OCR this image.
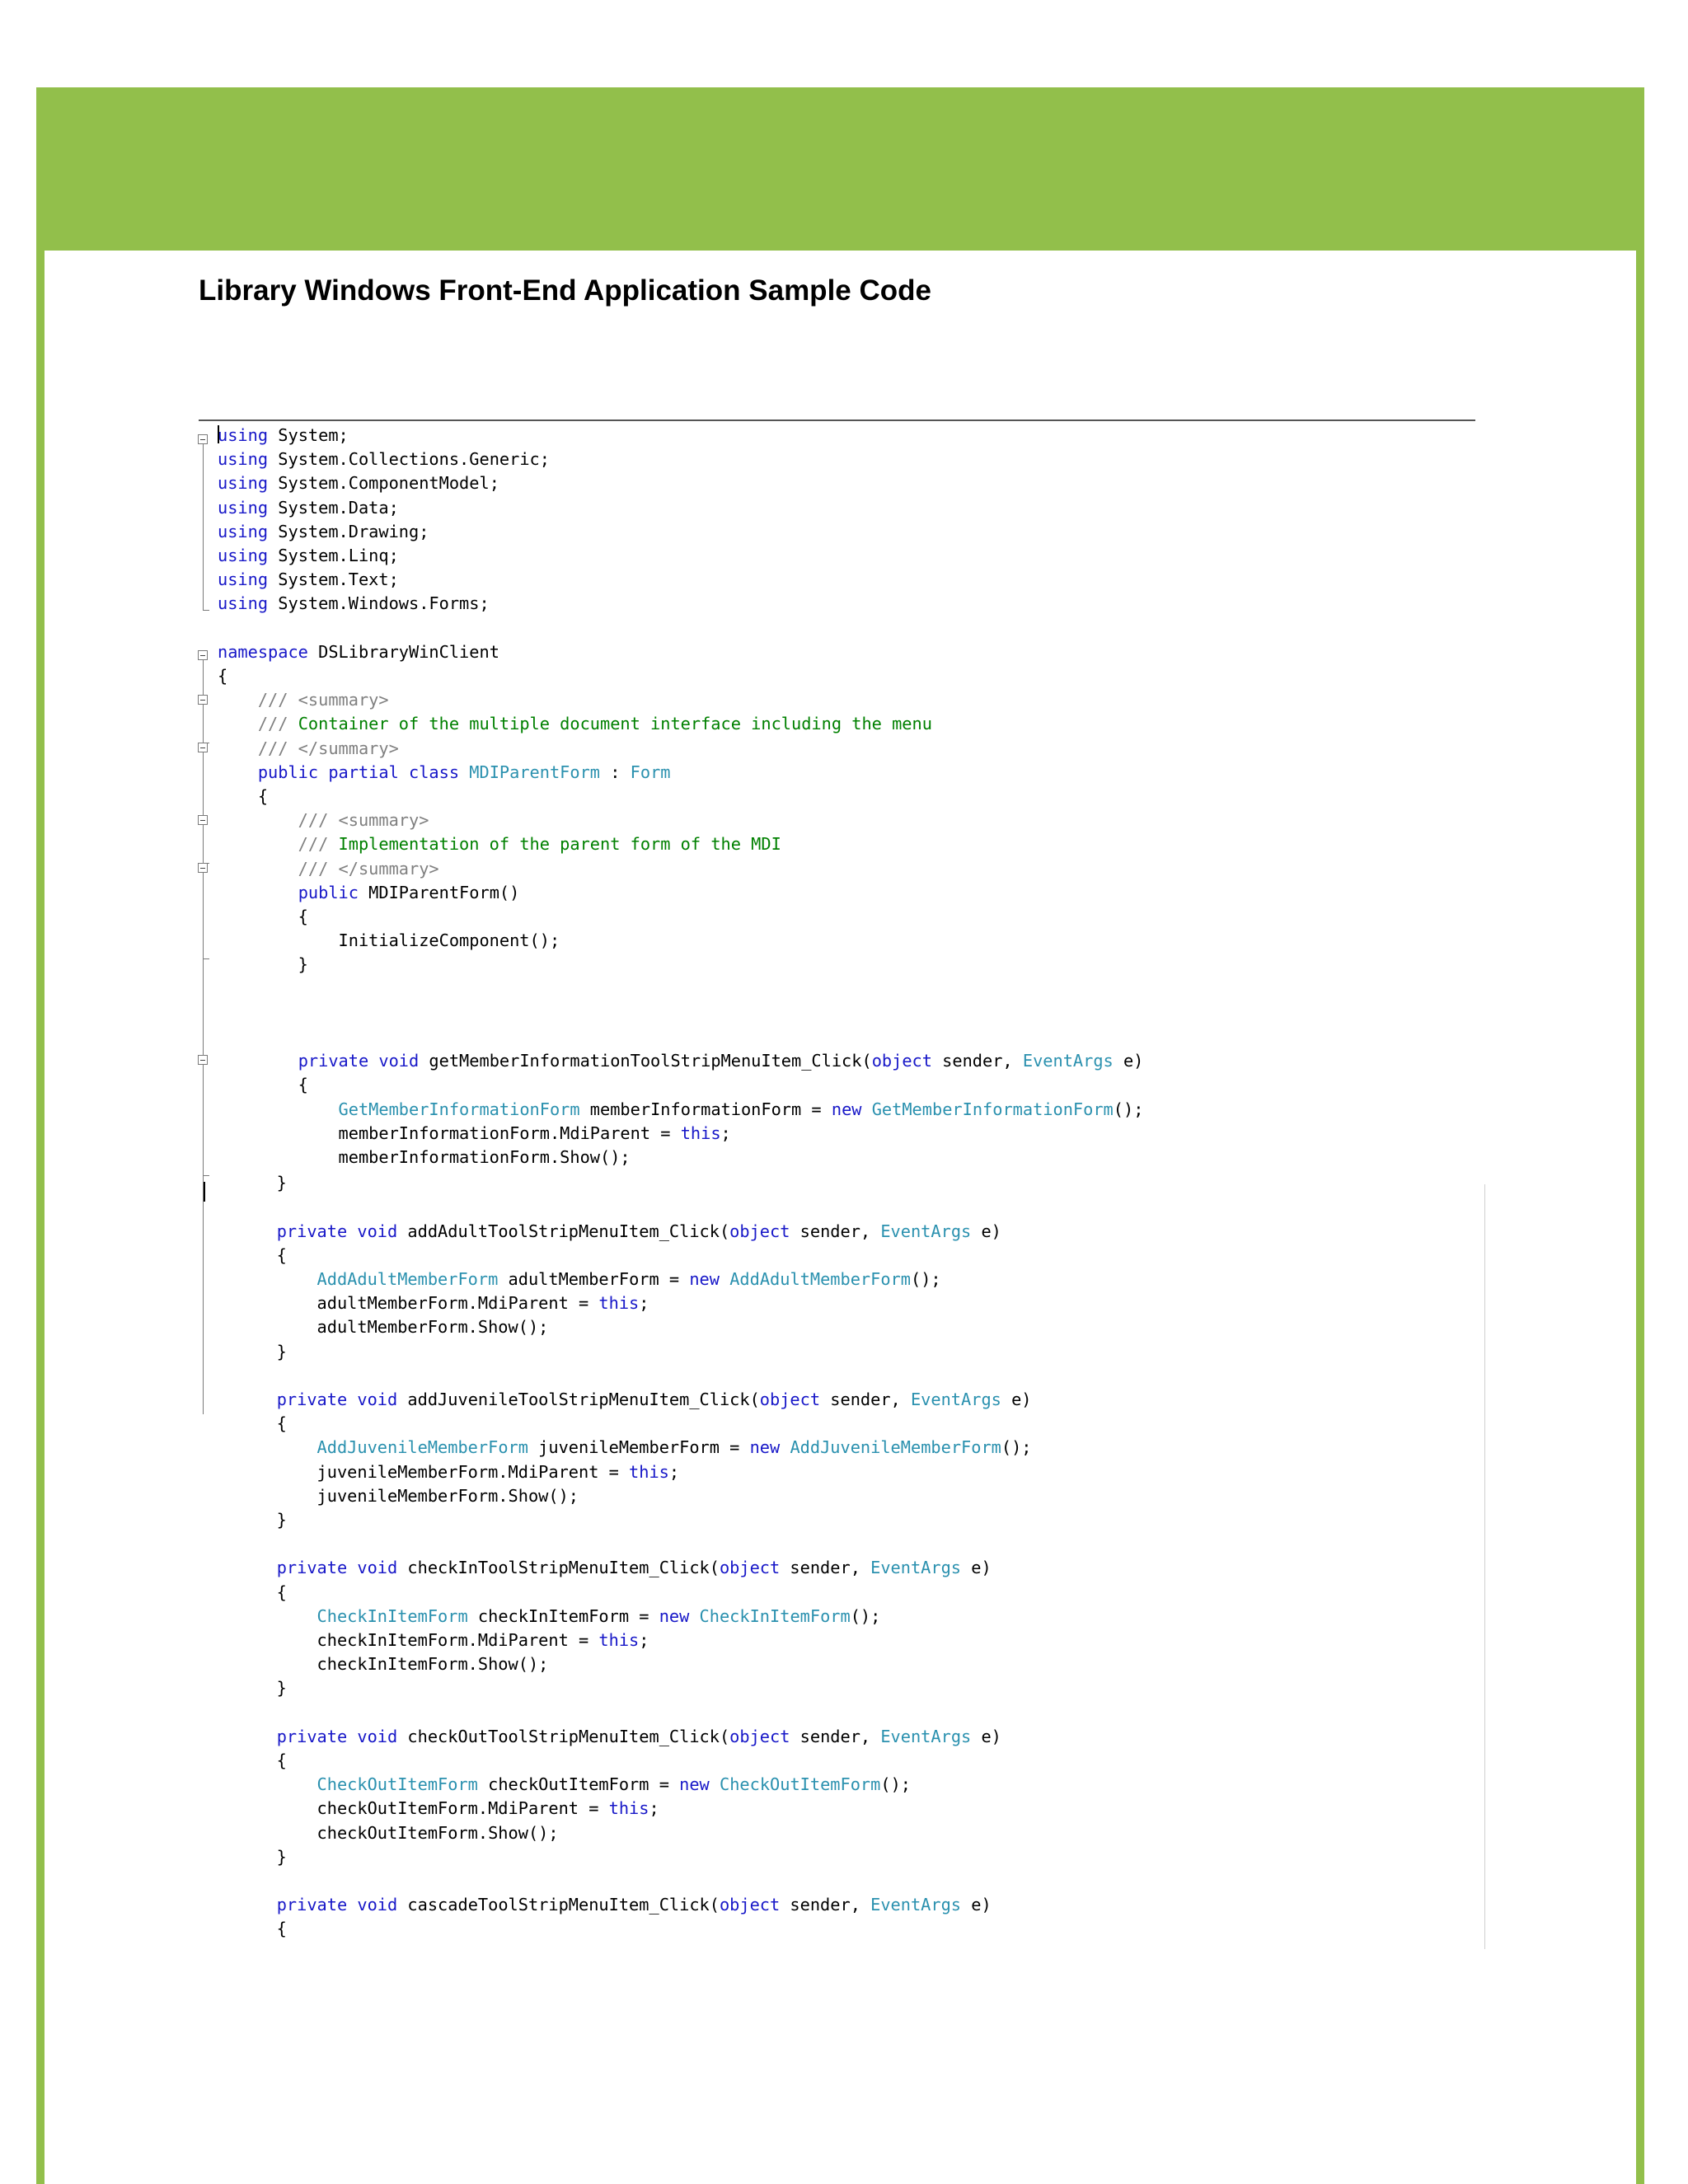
Library Windows Front-End Application Sample Code
using System;
using System.Collections.Generic;
using System.ComponentModel;
using System.Data;
using System.Drawing;
using System.Linq;
using System.Text;
using System.Windows.Forms;
namespace DSLibraryWinClient
{
/// <summary>
/// Container of the multiple document interface including the menu
/// </summary>
public partial class MDIParentForm : Form
{
/// <summary>
/// Implementation of the parent form of the MDI
/// </summary>
public MDIParentForm()
{
InitializeComponent();
}
private void getMemberInformationToolStripMenuItem_Click(object sender, EventArgs e)
{
GetMemberInformationForm memberInformationForm = new GetMemberInformationForm();
memberInformationForm.MdiParent = this;
memberInformationForm.Show();
}
private void addAdultToolStripMenuItem_Click(object sender, EventArgs e)
{
AddAdultMemberForm adultMemberForm = new AddAdultMemberForm();
adultMemberForm.MdiParent = this;
adultMemberForm.Show();
}
private void addJuvenileToolStripMenuItem_Click(object sender, EventArgs e)
{
AddJuvenileMemberForm juvenileMemberForm = new AddJuvenileMemberForm();
juvenileMemberForm.MdiParent = this;
juvenileMemberForm.Show();
}
private void checkInToolStripMenuItem_Click(object sender, EventArgs e)
{
CheckInItemForm checkInItemForm = new CheckInItemForm();
checkInItemForm.MdiParent = this;
checkInItemForm.Show();
}
private void checkOutToolStripMenuItem_Click(object sender, EventArgs e)
{
CheckOutItemForm checkOutItemForm = new CheckOutItemForm();
checkOutItemForm.MdiParent = this;
checkOutItemForm.Show();
}
private void cascadeToolStripMenuItem_Click(object sender, EventArgs e)
{
